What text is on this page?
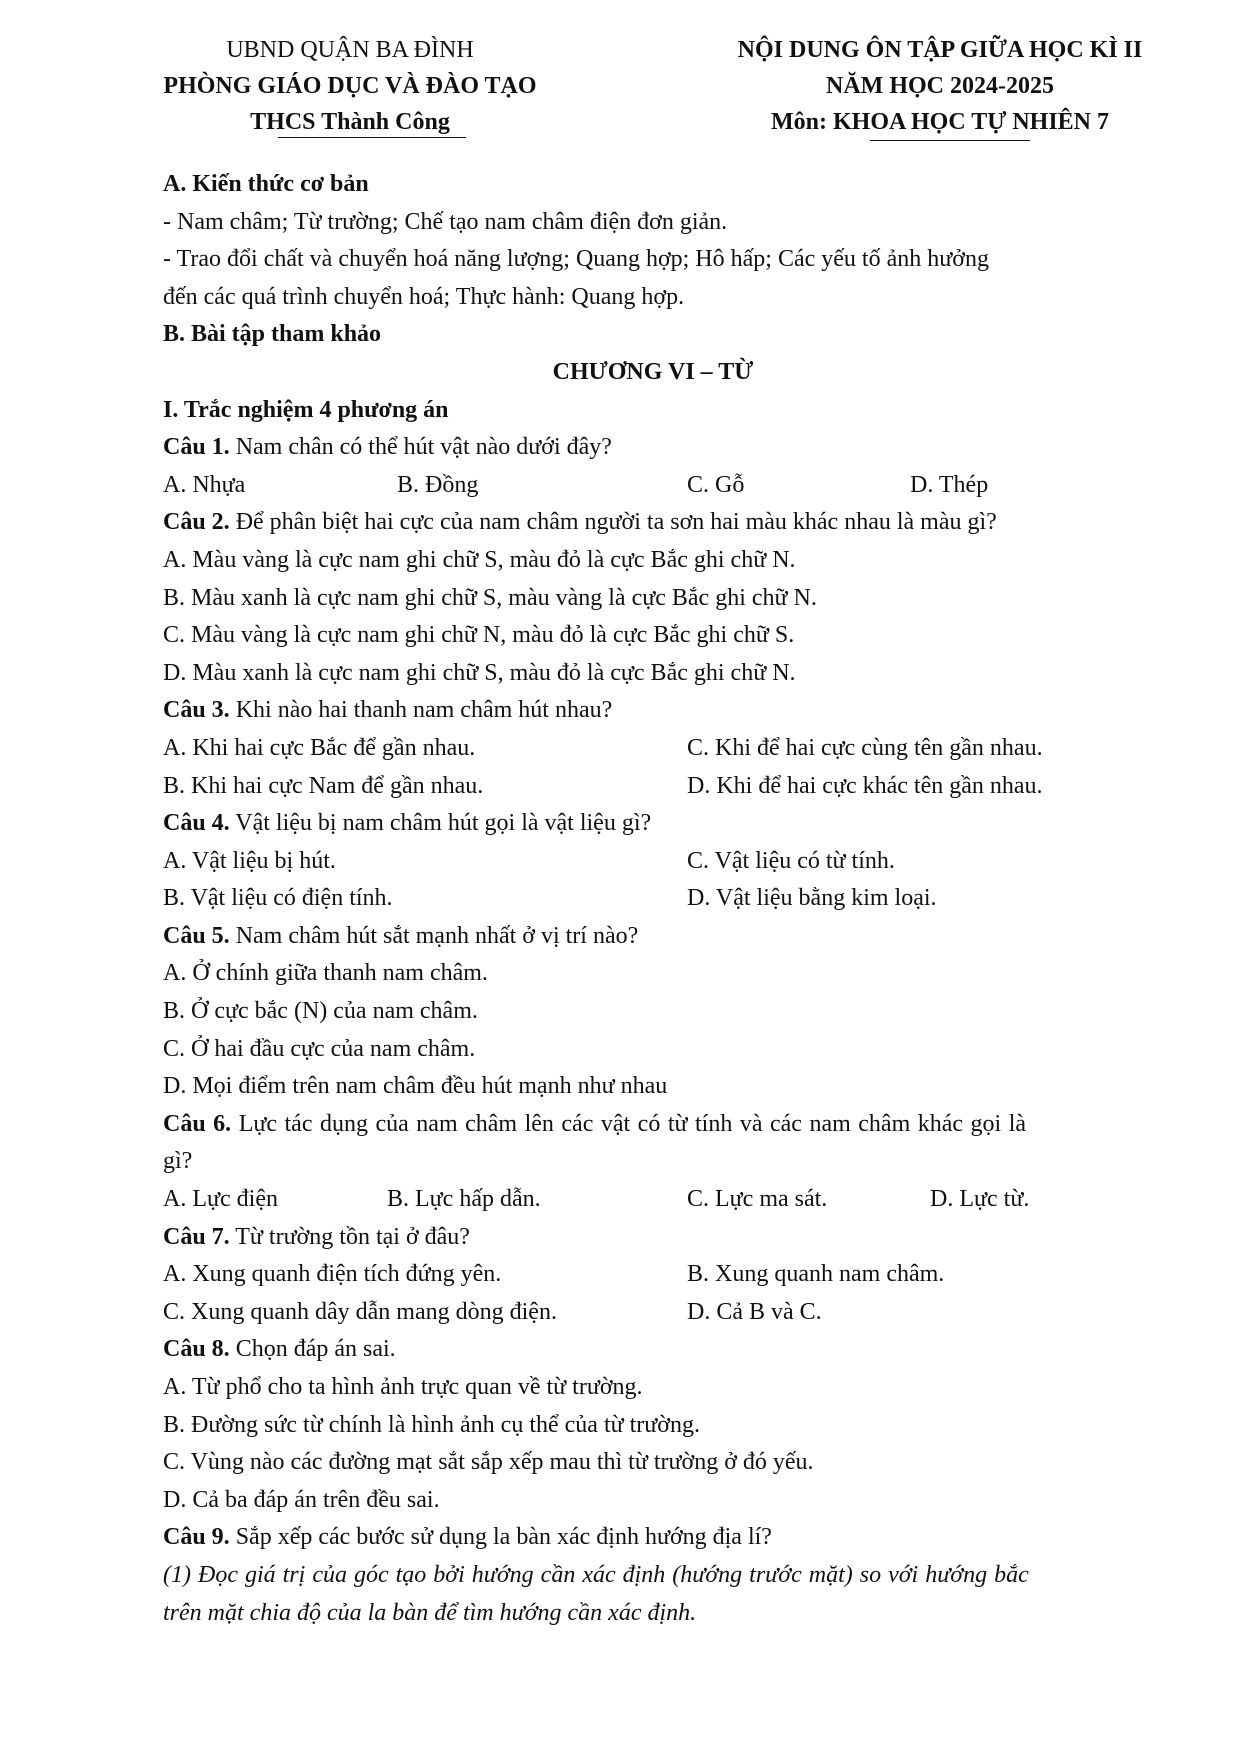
UBND QUẬN BA ĐÌNH
PHÒNG GIÁO DỤC VÀ ĐÀO TẠO
THCS Thành Công
NỘI DUNG ÔN TẬP GIỮA HỌC KÌ II
NĂM HỌC 2024-2025
Môn: KHOA HỌC TỰ NHIÊN 7

A. Kiến thức cơ bản

- Nam châm; Từ trường; Chế tạo nam châm điện đơn giản.

- Trao đổi chất và chuyển hoá năng lượng; Quang hợp; Hô hấp; Các yếu tố ảnh hưởng

đến các quá trình chuyển hoá; Thực hành: Quang hợp.

B. Bài tập tham khảo

CHƯƠNG VI – TỪ

I. Trắc nghiệm 4 phương án

Câu 1. Nam chân có thể hút vật nào dưới đây?

A. Nhựa	B. Đồng	C. Gỗ	D. Thép

Câu 2. Để phân biệt hai cực của nam châm người ta sơn hai màu khác nhau là màu gì?

A. Màu vàng là cực nam ghi chữ S, màu đỏ là cực Bắc ghi chữ N.

B. Màu xanh là cực nam ghi chữ S, màu vàng là cực Bắc ghi chữ N.

C. Màu vàng là cực nam ghi chữ N, màu đỏ là cực Bắc ghi chữ S.

D. Màu xanh là cực nam ghi chữ S, màu đỏ là cực Bắc ghi chữ N.

Câu 3. Khi nào hai thanh nam châm hút nhau?

A. Khi hai cực Bắc để gần nhau.	C. Khi để hai cực cùng tên gần nhau.
B. Khi hai cực Nam để gần nhau.	D. Khi để hai cực khác tên gần nhau.

Câu 4. Vật liệu bị nam châm hút gọi là vật liệu gì?

A. Vật liệu bị hút.	C. Vật liệu có từ tính.
B. Vật liệu có điện tính.	D. Vật liệu bằng kim loại.

Câu 5. Nam châm hút sắt mạnh nhất ở vị trí nào?

A. Ở chính giữa thanh nam châm.

B. Ở cực bắc (N) của nam châm.

C. Ở hai đầu cực của nam châm.

D. Mọi điểm trên nam châm đều hút mạnh như nhau

Câu 6. Lực tác dụng của nam châm lên các vật có từ tính và các nam châm khác gọi là

gì?

A. Lực điện	B. Lực hấp dẫn.	C. Lực ma sát.	D. Lực từ.

Câu 7. Từ trường tồn tại ở đâu?

A. Xung quanh điện tích đứng yên.	B. Xung quanh nam châm.
C. Xung quanh dây dẫn mang dòng điện.	D. Cả B và C.

Câu 8. Chọn đáp án sai.

A. Từ phổ cho ta hình ảnh trực quan về từ trường.

B. Đường sức từ chính là hình ảnh cụ thể của từ trường.

C. Vùng nào các đường mạt sắt sắp xếp mau thì từ trường ở đó yếu.

D. Cả ba đáp án trên đều sai.

Câu 9. Sắp xếp các bước sử dụng la bàn xác định hướng địa lí?

(1) Đọc giá trị của góc tạo bởi hướng cần xác định (hướng trước mặt) so với hướng bắc

trên mặt chia độ của la bàn để tìm hướng cần xác định.
